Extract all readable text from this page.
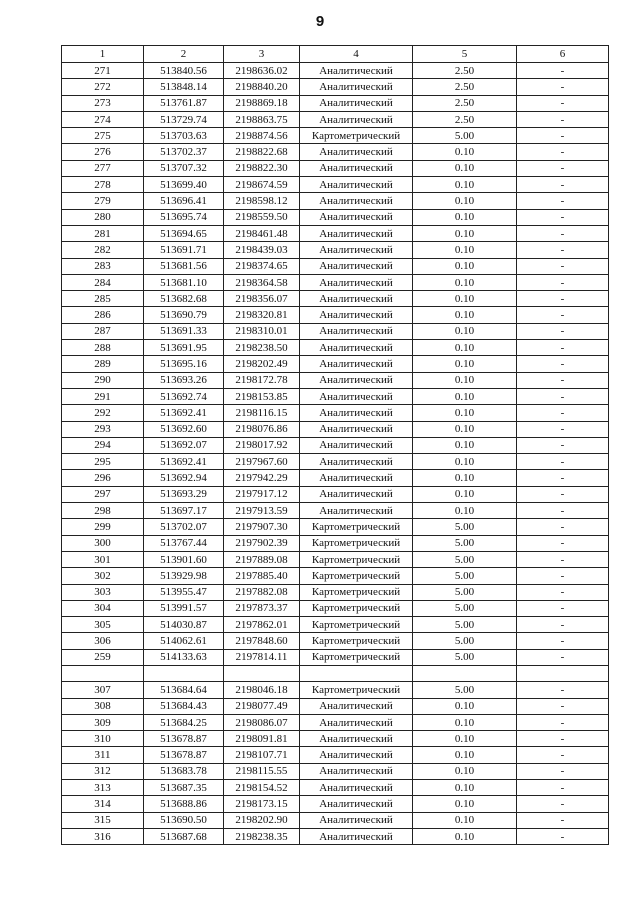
9
1	2	3	4	5	6
271	513840.56	2198636.02	Аналитический	2.50	-
272	513848.14	2198840.20	Аналитический	2.50	-
273	513761.87	2198869.18	Аналитический	2.50	-
274	513729.74	2198863.75	Аналитический	2.50	-
275	513703.63	2198874.56	Картометрический	5.00	-
276	513702.37	2198822.68	Аналитический	0.10	-
277	513707.32	2198822.30	Аналитический	0.10	-
278	513699.40	2198674.59	Аналитический	0.10	-
279	513696.41	2198598.12	Аналитический	0.10	-
280	513695.74	2198559.50	Аналитический	0.10	-
281	513694.65	2198461.48	Аналитический	0.10	-
282	513691.71	2198439.03	Аналитический	0.10	-
283	513681.56	2198374.65	Аналитический	0.10	-
284	513681.10	2198364.58	Аналитический	0.10	-
285	513682.68	2198356.07	Аналитический	0.10	-
286	513690.79	2198320.81	Аналитический	0.10	-
287	513691.33	2198310.01	Аналитический	0.10	-
288	513691.95	2198238.50	Аналитический	0.10	-
289	513695.16	2198202.49	Аналитический	0.10	-
290	513693.26	2198172.78	Аналитический	0.10	-
291	513692.74	2198153.85	Аналитический	0.10	-
292	513692.41	2198116.15	Аналитический	0.10	-
293	513692.60	2198076.86	Аналитический	0.10	-
294	513692.07	2198017.92	Аналитический	0.10	-
295	513692.41	2197967.60	Аналитический	0.10	-
296	513692.94	2197942.29	Аналитический	0.10	-
297	513693.29	2197917.12	Аналитический	0.10	-
298	513697.17	2197913.59	Аналитический	0.10	-
299	513702.07	2197907.30	Картометрический	5.00	-
300	513767.44	2197902.39	Картометрический	5.00	-
301	513901.60	2197889.08	Картометрический	5.00	-
302	513929.98	2197885.40	Картометрический	5.00	-
303	513955.47	2197882.08	Картометрический	5.00	-
304	513991.57	2197873.37	Картометрический	5.00	-
305	514030.87	2197862.01	Картометрический	5.00	-
306	514062.61	2197848.60	Картометрический	5.00	-
259	514133.63	2197814.11	Картометрический	5.00	-

307	513684.64	2198046.18	Картометрический	5.00	-
308	513684.43	2198077.49	Аналитический	0.10	-
309	513684.25	2198086.07	Аналитический	0.10	-
310	513678.87	2198091.81	Аналитический	0.10	-
311	513678.87	2198107.71	Аналитический	0.10	-
312	513683.78	2198115.55	Аналитический	0.10	-
313	513687.35	2198154.52	Аналитический	0.10	-
314	513688.86	2198173.15	Аналитический	0.10	-
315	513690.50	2198202.90	Аналитический	0.10	-
316	513687.68	2198238.35	Аналитический	0.10	-
